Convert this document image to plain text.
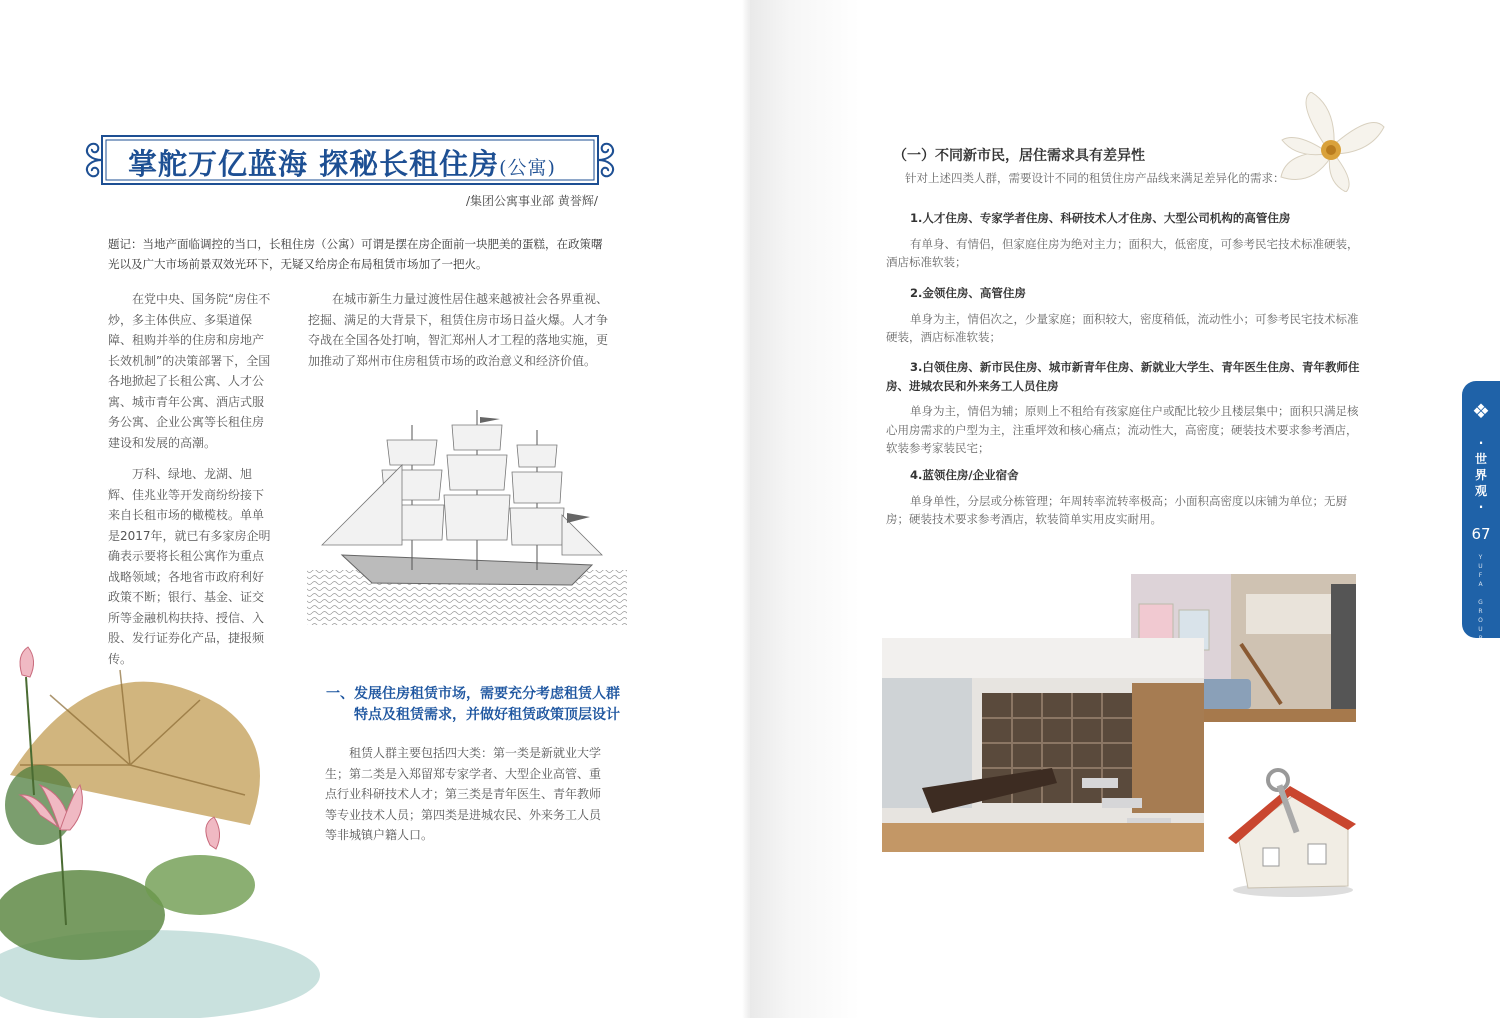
掌舵万亿蓝海 探秘长租住房(公寓)
/集团公寓事业部 黄誉辉/
题记：当地产面临调控的当口，长租住房（公寓）可谓是摆在房企面前一块肥美的蛋糕，在政策曙光以及广大市场前景双效光环下，无疑又给房企布局租赁市场加了一把火。

在党中央、国务院“房住不炒，多主体供应、多渠道保障、租购并举的住房和房地产长效机制”的决策部署下，全国各地掀起了长租公寓、人才公寓、城市青年公寓、酒店式服务公寓、企业公寓等长租住房建设和发展的高潮。

万科、绿地、龙湖、旭辉、佳兆业等开发商纷纷接下来自长租市场的橄榄枝。单单是2017年，就已有多家房企明确表示要将长租公寓作为重点战略领域；各地省市政府利好政策不断；银行、基金、证交所等金融机构扶持、授信、入股、发行证券化产品，捷报频传。

在城市新生力量过渡性居住越来越被社会各界重视、挖掘、满足的大背景下，租赁住房市场日益火爆。人才争夺战在全国各处打响，智汇郑州人才工程的落地实施，更加推动了郑州市住房租赁市场的政治意义和经济价值。

一、发展住房租赁市场，需要充分考虑租赁人群
特点及租赁需求，并做好租赁政策顶层设计

租赁人群主要包括四大类：第一类是新就业大学生；第二类是入郑留郑专家学者、大型企业高管、重点行业科研技术人才；第三类是青年医生、青年教师等专业技术人员；第四类是进城农民、外来务工人员等非城镇户籍人口。

（一）不同新市民，居住需求具有差异性
针对上述四类人群，需要设计不同的租赁住房产品线来满足差异化的需求：
1.人才住房、专家学者住房、科研技术人才住房、大型公司机构的高管住房
有单身、有情侣，但家庭住房为绝对主力；面积大，低密度，可参考民宅技术标准硬装，酒店标准软装；
2.金领住房、高管住房
单身为主，情侣次之，少量家庭；面积较大，密度稍低，流动性小；可参考民宅技术标准硬装，酒店标准软装；
3.白领住房、新市民住房、城市新青年住房、新就业大学生、青年医生住房、青年教师住房、进城农民和外来务工人员住房
单身为主，情侣为辅；原则上不租给有孩家庭住户或配比较少且楼层集中；面积只满足核心用房需求的户型为主，注重坪效和核心痛点；流动性大，高密度；硬装技术要求参考酒店，软装参考家装民宅；
4.蓝领住房/企业宿舍
单身单性，分层或分栋管理；年周转率流转率极高；小面积高密度以床铺为单位；无厨房；硬装技术要求参考酒店，软装简单实用皮实耐用。
❖
·
世
界
观
·
67
Y
U
F
A

G
R
O
U
P
